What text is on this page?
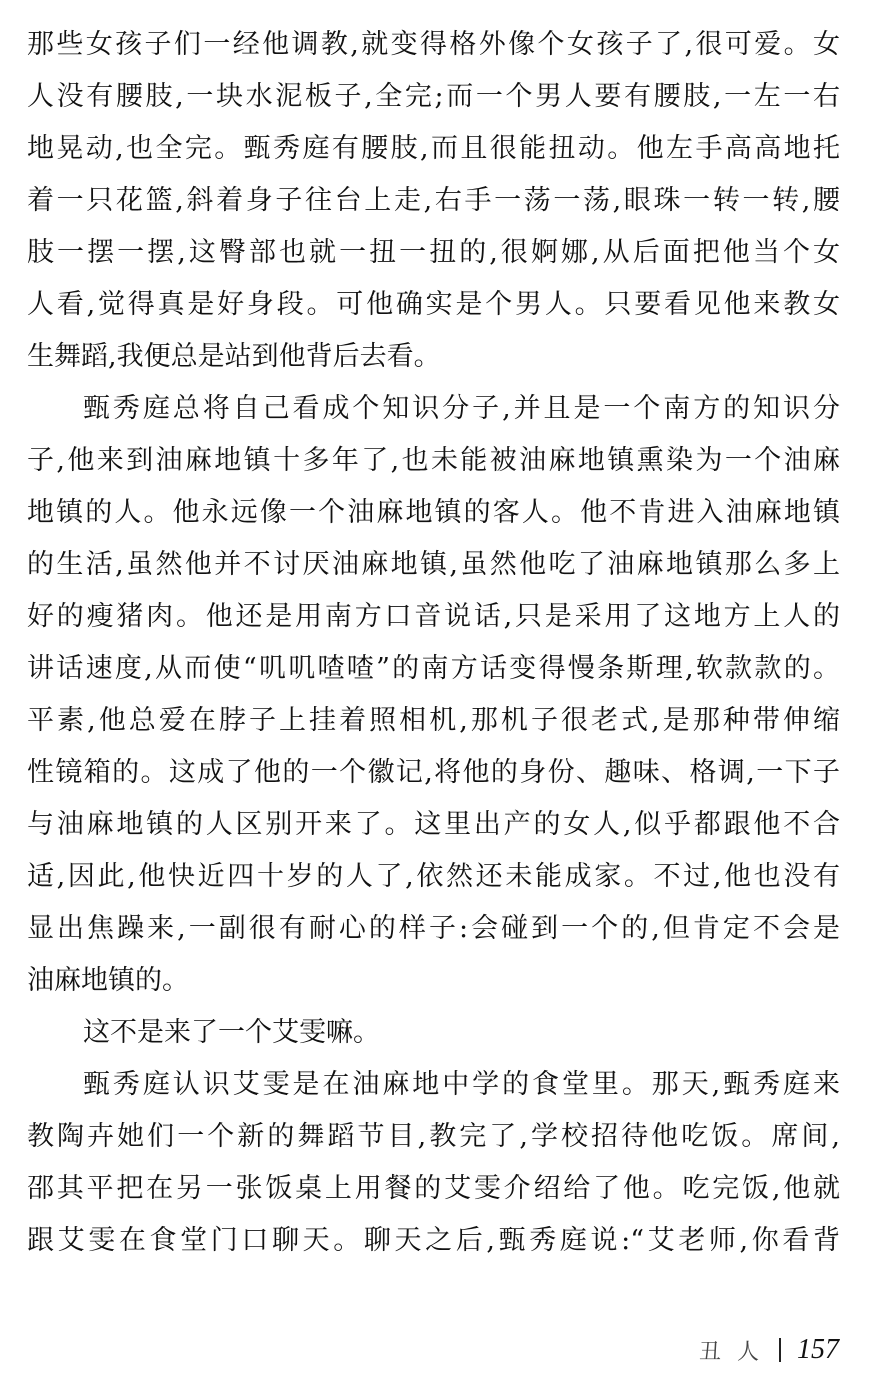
那些女孩子们一经他调教,就变得格外像个女孩子了,很可爱。女
人没有腰肢,一块水泥板子,全完;而一个男人要有腰肢,一左一右
地晃动,也全完。甄秀庭有腰肢,而且很能扭动。他左手高高地托
着一只花篮,斜着身子往台上走,右手一荡一荡,眼珠一转一转,腰
肢一摆一摆,这臀部也就一扭一扭的,很婀娜,从后面把他当个女
人看,觉得真是好身段。可他确实是个男人。只要看见他来教女
生舞蹈,我便总是站到他背后去看。
甄秀庭总将自己看成个知识分子,并且是一个南方的知识分
子,他来到油麻地镇十多年了,也未能被油麻地镇熏染为一个油麻
地镇的人。他永远像一个油麻地镇的客人。他不肯进入油麻地镇
的生活,虽然他并不讨厌油麻地镇,虽然他吃了油麻地镇那么多上
好的瘦猪肉。他还是用南方口音说话,只是采用了这地方上人的
讲话速度,从而使“叽叽喳喳”的南方话变得慢条斯理,软款款的。
平素,他总爱在脖子上挂着照相机,那机子很老式,是那种带伸缩
性镜箱的。这成了他的一个徽记,将他的身份、趣味、格调,一下子
与油麻地镇的人区别开来了。这里出产的女人,似乎都跟他不合
适,因此,他快近四十岁的人了,依然还未能成家。不过,他也没有
显出焦躁来,一副很有耐心的样子:会碰到一个的,但肯定不会是
油麻地镇的。
这不是来了一个艾雯嘛。
甄秀庭认识艾雯是在油麻地中学的食堂里。那天,甄秀庭来
教陶卉她们一个新的舞蹈节目,教完了,学校招待他吃饭。席间,
邵其平把在另一张饭桌上用餐的艾雯介绍给了他。吃完饭,他就
跟艾雯在食堂门口聊天。聊天之后,甄秀庭说:“艾老师,你看背
丑人 157
